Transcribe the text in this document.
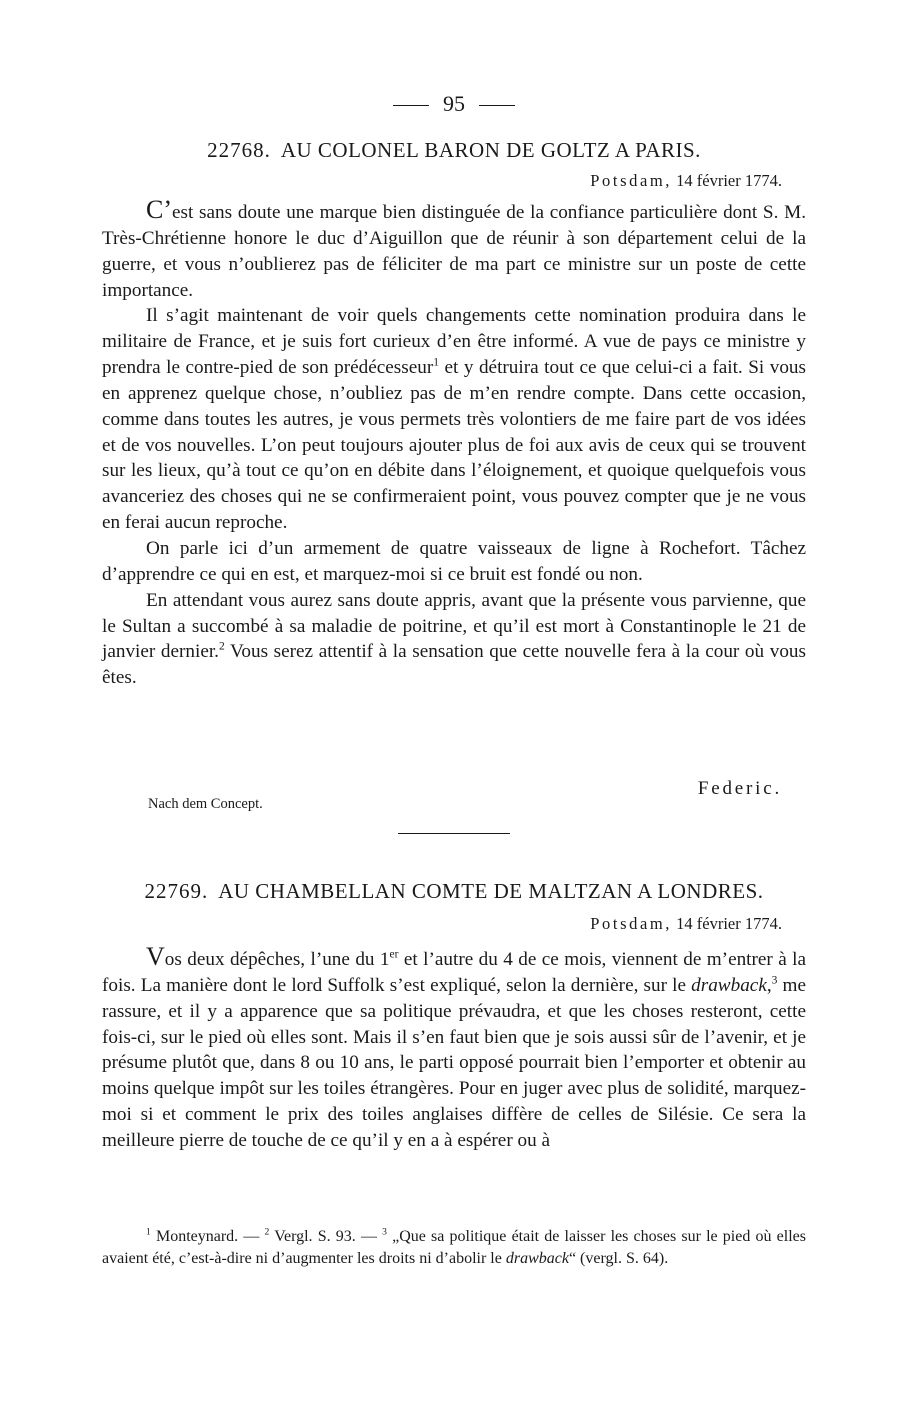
95
22768. AU COLONEL BARON DE GOLTZ A PARIS.
Potsdam, 14 février 1774.

C’est sans doute une marque bien distinguée de la confiance particulière dont S. M. Très-Chrétienne honore le duc d’Aiguillon que de réunir à son département celui de la guerre, et vous n’oublierez pas de féliciter de ma part ce ministre sur un poste de cette importance.

Il s’agit maintenant de voir quels changements cette nomination produira dans le militaire de France, et je suis fort curieux d’en être informé. A vue de pays ce ministre y prendra le contre-pied de son prédécesseur$^1$ et y détruira tout ce que celui-ci a fait. Si vous en apprenez quelque chose, n’oubliez pas de m’en rendre compte. Dans cette occasion, comme dans toutes les autres, je vous permets très volontiers de me faire part de vos idées et de vos nouvelles. L’on peut toujours ajouter plus de foi aux avis de ceux qui se trouvent sur les lieux, qu’à tout ce qu’on en débite dans l’éloignement, et quoique quelquefois vous avanceriez des choses qui ne se confirmeraient point, vous pouvez compter que je ne vous en ferai aucun reproche.

On parle ici d’un armement de quatre vaisseaux de ligne à Rochefort. Tâchez d’apprendre ce qui en est, et marquez-moi si ce bruit est fondé ou non.

En attendant vous aurez sans doute appris, avant que la présente vous parvienne, que le Sultan a succombé à sa maladie de poitrine, et qu’il est mort à Constantinople le 21 de janvier dernier.$^2$ Vous serez attentif à la sensation que cette nouvelle fera à la cour où vous êtes.

Federic.
Nach dem Concept.
22769. AU CHAMBELLAN COMTE DE MALTZAN A LONDRES.
Potsdam, 14 février 1774.

Vos deux dépêches, l’une du 1er et l’autre du 4 de ce mois, viennent de m’entrer à la fois. La manière dont le lord Suffolk s’est expliqué, selon la dernière, sur le drawback,$^3$ me rassure, et il y a apparence que sa politique prévaudra, et que les choses resteront, cette fois-ci, sur le pied où elles sont. Mais il s’en faut bien que je sois aussi sûr de l’avenir, et je présume plutôt que, dans 8 ou 10 ans, le parti opposé pourrait bien l’emporter et obtenir au moins quelque impôt sur les toiles étrangères. Pour en juger avec plus de solidité, marquez-moi si et comment le prix des toiles anglaises diffère de celles de Silésie. Ce sera la meilleure pierre de touche de ce qu’il y en a à espérer ou à

$^1$ Monteynard. — $^2$ Vergl. S. 93. — $^3$ „Que sa politique était de laisser les choses sur le pied où elles avaient été, c’est-à-dire ni d’augmenter les droits ni d’abolir le drawback“ (vergl. S. 64).
